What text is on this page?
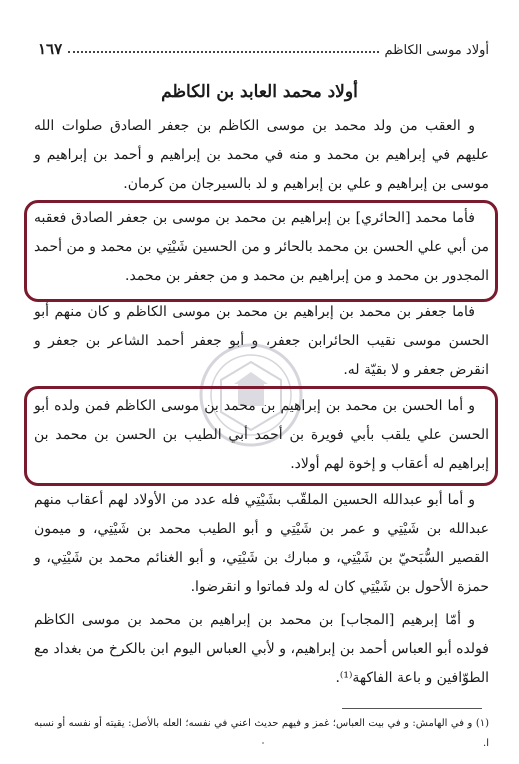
أولاد موسى الكاظم
١٦٧
أولاد محمد العابد بن الكاظم

و العقب من ولد محمد بن موسى الكاظم بن جعفر الصادق صلوات الله عليهم في إبراهيم بن محمد و منه في محمد بن إبراهيم و أحمد بن إبراهيم و موسى بن إبراهيم و علي بن إبراهيم و لد بالسيرجان من كرمان.

فأما محمد [الحائري] بن إبراهيم بن محمد بن موسى بن جعفر الصادق فعقبه من أبي علي الحسن بن محمد بالحائر و من الحسين شَيْتِي بن محمد و من أحمد المجدور بن محمد و من إبراهيم بن محمد و من جعفر بن محمد.

فاما جعفر بن محمد بن إبراهيم بن محمد بن موسى الكاظم و كان منهم أبو الحسن موسى نقيب الحائرابن جعفر، و أبو جعفر أحمد الشاعر بن جعفر و انقرض جعفر و لا بقيّة له.

و أما الحسن بن محمد بن إبراهيم بن محمد بن موسى الكاظم فمن ولده أبو الحسن علي يلقب بأبي فويرة بن أحمد أبي الطيب بن الحسن بن محمد بن إبراهيم له أعقاب و إخوة لهم أولاد.

و أما أبو عبدالله الحسين الملقّب بشَيْتِي فله عدد من الأولاد لهم أعقاب منهم عبدالله بن شَيْتِي و عمر بن شَيْتِي و أبو الطيب محمد بن شَيْتِي، و ميمون القصير السُّبَحيّ بن شَيْتِي، و مبارك بن شَيْتِي، و أبو الغنائم محمد بن شَيْتِي، و حمزة الأحول بن شَيْتِي كان له ولد فماتوا و انقرضوا.

و أمّا إبرهيم [المجاب] بن محمد بن إبراهيم بن محمد بن موسى الكاظم فولده أبو العباس أحمد بن إبراهيم، و لأبي العباس اليوم ابن بالكرخ من بغداد مع الطوّافين و باعة الفاكهة⁽¹⁾.

(١) و في الهامش: و في بيت العباس؛ غمز و فيهم حديث اعني في نفسه؛ العله بالأصل: يقيته أو نفسه أو نسبه ا.
